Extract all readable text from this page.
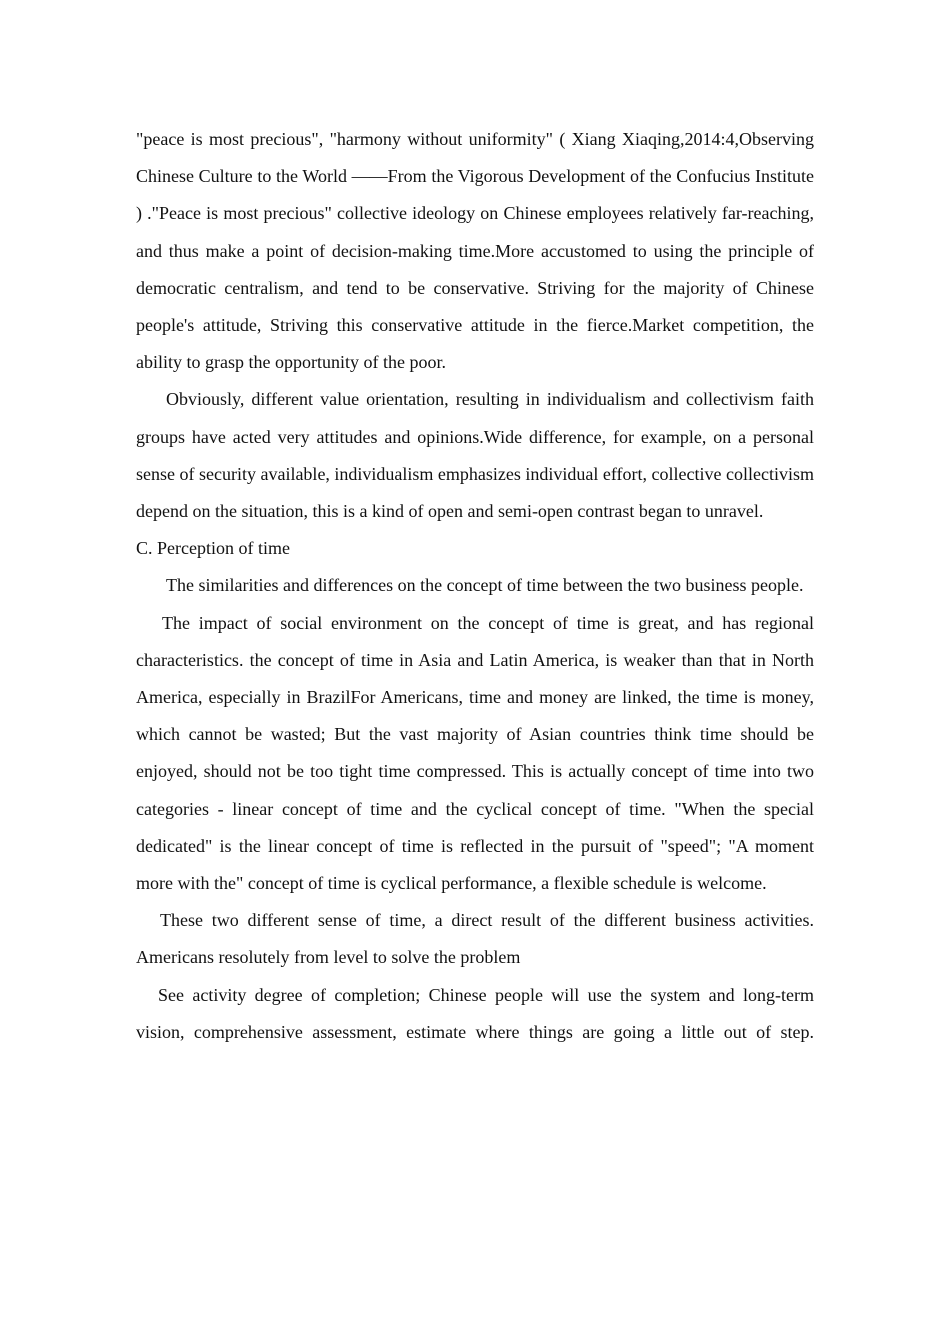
"peace is most precious", "harmony without uniformity" ( Xiang Xiaqing,2014:4,Observing Chinese Culture to the World ——From the Vigorous Development of the Confucius Institute ) ."Peace is most precious" collective ideology on Chinese employees relatively far-reaching, and thus make a point of decision-making time.More accustomed to using the principle of democratic centralism, and tend to be conservative. Striving for the majority of Chinese people's attitude, Striving this conservative attitude in the fierce.Market competition, the ability to grasp the opportunity of the poor.

Obviously, different value orientation, resulting in individualism and collectivism faith groups have acted very attitudes and opinions.Wide difference, for example, on a personal sense of security available, individualism emphasizes individual effort, collective collectivism depend on the situation, this is a kind of open and semi-open contrast began to unravel.

C. Perception of time

The similarities and differences on the concept of time between the two business people.

The impact of social environment on the concept of time is great, and has regional characteristics. the concept of time in Asia and Latin America, is weaker than that in North America, especially in BrazilFor Americans, time and money are linked, the time is money, which cannot be wasted; But the vast majority of Asian countries think time should be enjoyed, should not be too tight time compressed. This is actually concept of time into two categories - linear concept of time and the cyclical concept of time. "When the special dedicated" is the linear concept of time is reflected in the pursuit of "speed"; "A moment more with the" concept of time is cyclical performance, a flexible schedule is welcome.

These two different sense of time, a direct result of the different business activities. Americans resolutely from level to solve the problem

See activity degree of completion; Chinese people will use the system and long-term vision, comprehensive assessment, estimate where things are going a little out of step.
